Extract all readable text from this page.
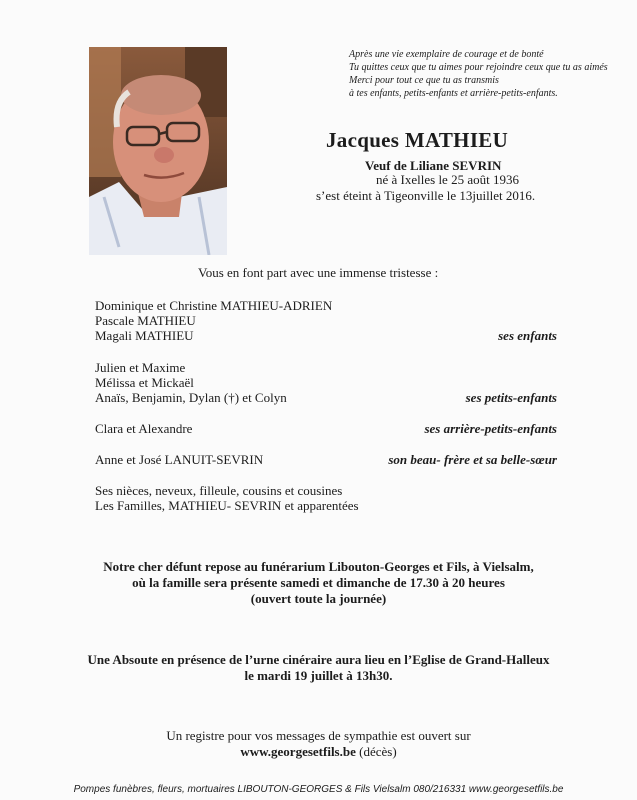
Après une vie exemplaire de courage et de bonté
Tu quittes ceux que tu aimes pour rejoindre ceux que tu as aimés
Merci pour tout ce que tu as transmis
à tes enfants, petits-enfants et arrière-petits-enfants.
Jacques MATHIEU
Veuf de Liliane SEVRIN
né à Ixelles le 25 août 1936
s’est éteint à Tigeonville le 13juillet 2016.
Vous en font part avec une immense tristesse :
Dominique et Christine MATHIEU-ADRIEN
Pascale MATHIEU
Magali MATHIEU	ses enfants
Julien et Maxime
Mélissa et Mickaël
Anaïs, Benjamin, Dylan (†) et Colyn	ses petits-enfants
Clara et Alexandre	ses arrière-petits-enfants
Anne et José LANUIT-SEVRIN	son beau- frère et sa belle-sœur
Ses nièces, neveux, filleule, cousins et cousines
Les Familles, MATHIEU- SEVRIN et apparentées
Notre cher défunt repose au funérarium Libouton-Georges et Fils, à Vielsalm,
où la famille sera présente samedi et dimanche de 17.30 à 20 heures
(ouvert toute la journée)
Une Absoute en présence de l’urne cinéraire aura lieu en l’Eglise de Grand-Halleux
le mardi 19 juillet à 13h30.
Un registre pour vos messages de sympathie est ouvert sur
www.georgesetfils.be (décès)
Pompes funèbres, fleurs, mortuaires LIBOUTON-GEORGES & Fils Vielsalm 080/216331 www.georgesetfils.be
